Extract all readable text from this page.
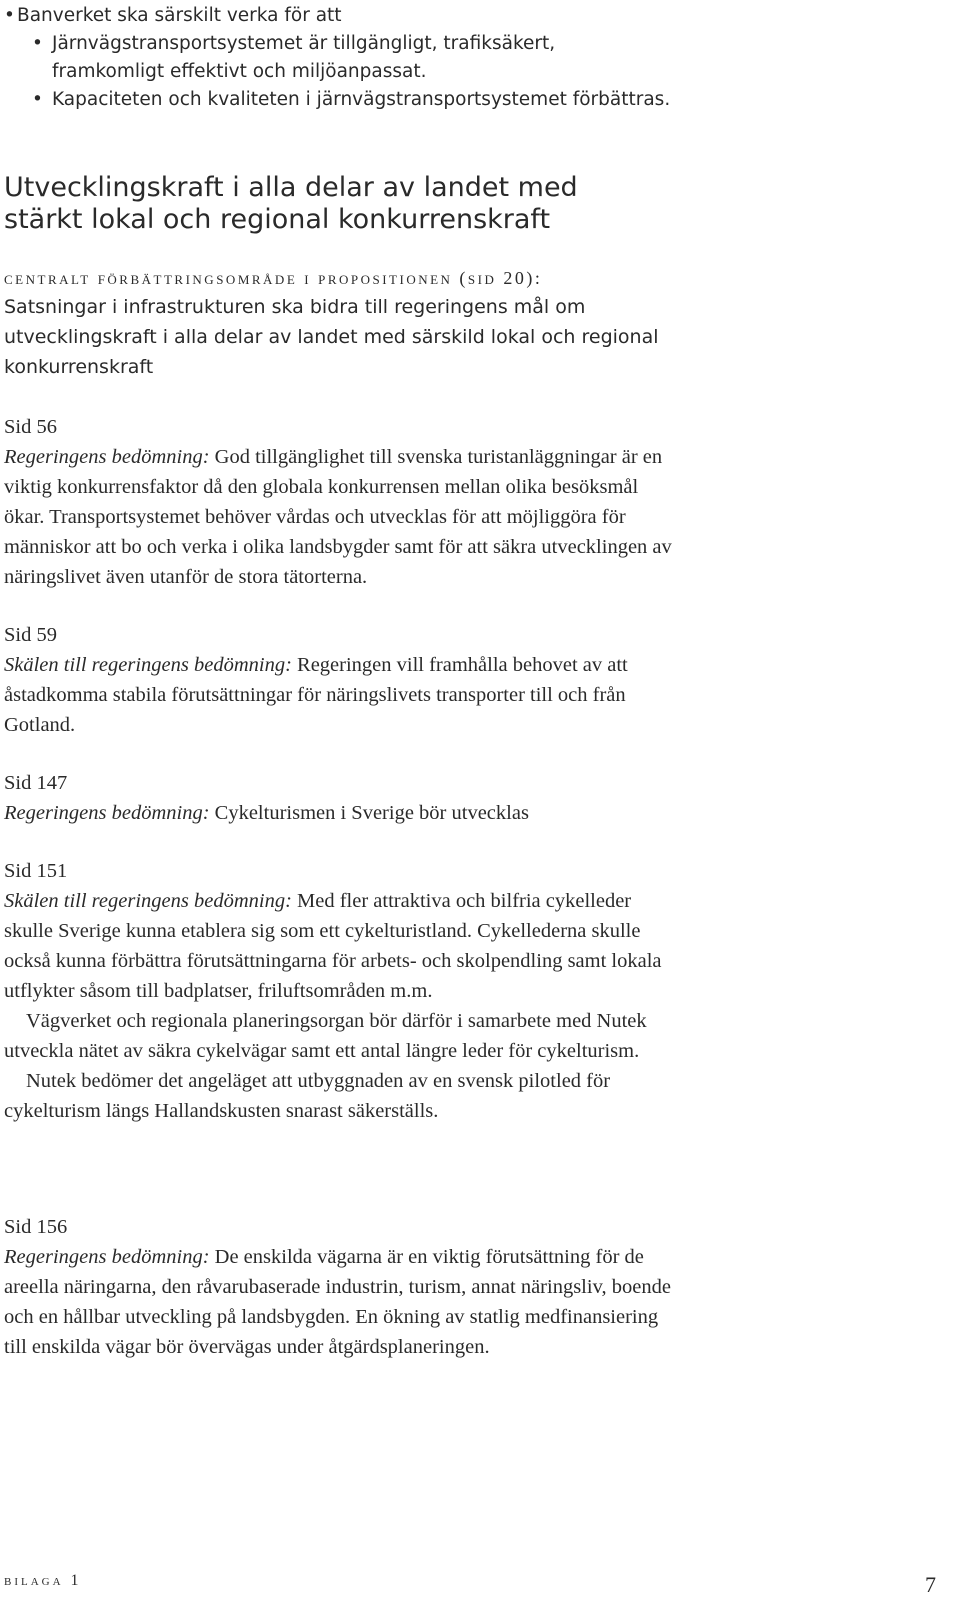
• Banverket ska särskilt verka för att
• Järnvägstransportsystemet är tillgängligt, trafiksäkert, framkomligt effektivt och miljöanpassat.
• Kapaciteten och kvaliteten i järnvägstransportsystemet förbättras.
Utvecklingskraft i alla delar av landet med stärkt lokal och regional konkurrenskraft
centralt förbättringsområde i propositionen (sid 20):
Satsningar i infrastrukturen ska bidra till regeringens mål om utvecklingskraft i alla delar av landet med särskild lokal och regional konkurrenskraft
Sid 56

Regeringens bedömning: God tillgänglighet till svenska turistanläggningar är en viktig konkurrensfaktor då den globala konkurrensen mellan olika besöksmål ökar. Transportsystemet behöver vårdas och utvecklas för att möjliggöra för människor att bo och verka i olika landsbygder samt för att säkra utvecklingen av näringslivet även utanför de stora tätorterna.

Sid 59

Skälen till regeringens bedömning: Regeringen vill framhålla behovet av att åstadkomma stabila förutsättningar för näringslivets transporter till och från Gotland.

Sid 147

Regeringens bedömning: Cykelturismen i Sverige bör utvecklas

Sid 151

Skälen till regeringens bedömning: Med fler attraktiva och bilfria cykelleder skulle Sverige kunna etablera sig som ett cykelturistland. Cykellederna skulle också kunna förbättra förutsättningarna för arbets- och skolpendling samt lokala utflykter såsom till badplatser, friluftsområden m.m.

Vägverket och regionala planeringsorgan bör därför i samarbete med Nutek utveckla nätet av säkra cykelvägar samt ett antal längre leder för cykelturism.

Nutek bedömer det angeläget att utbyggnaden av en svensk pilotled för cykelturism längs Hallandskusten snarast säkerställs.

Sid 156

Regeringens bedömning: De enskilda vägarna är en viktig förutsättning för de areella näringarna, den råvarubaserade industrin, turism, annat näringsliv, boende och en hållbar utveckling på landsbygden. En ökning av statlig medfinansiering till enskilda vägar bör övervägas under åtgärdsplaneringen.

bilaga 1	7
